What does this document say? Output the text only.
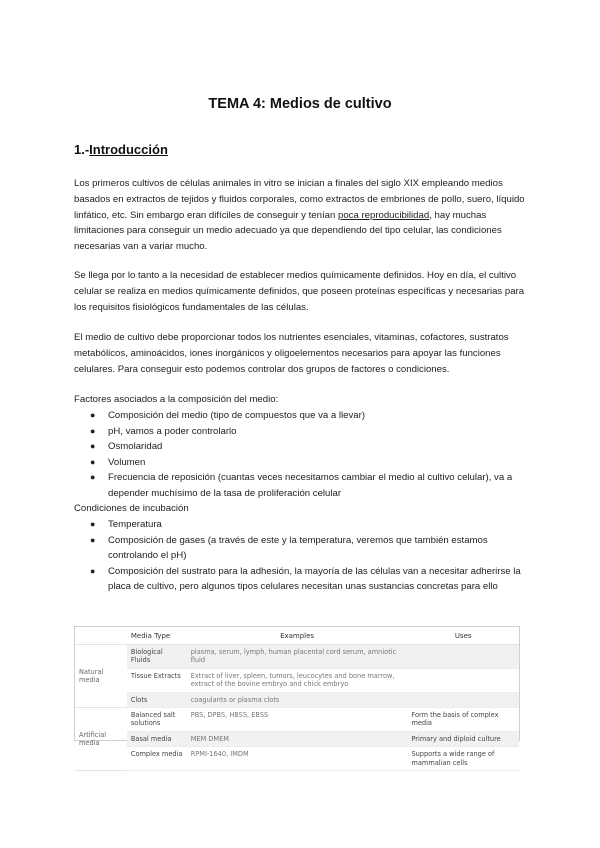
TEMA 4: Medios de cultivo
1.-Introducción

Los primeros cultivos de células animales in vitro se inician a finales del siglo XIX empleando medios basados en extractos de tejidos y fluidos corporales, como extractos de embriones de pollo, suero, líquido linfático, etc. Sin embargo eran difíciles de conseguir y tenían poca reproducibilidad, hay muchas limitaciones para conseguir un medio adecuado ya que dependiendo del tipo celular, las condiciones necesarias van a variar mucho.

Se llega por lo tanto a la necesidad de establecer medios químicamente definidos. Hoy en día, el cultivo celular se realiza en medios químicamente definidos, que poseen proteínas específicas y necesarias para los requisitos fisiológicos fundamentales de las células.

El medio de cultivo debe proporcionar todos los nutrientes esenciales, vitaminas, cofactores, sustratos metabólicos, aminoácidos, iones inorgánicos y oligoelementos necesarios para apoyar las funciones celulares. Para conseguir esto podemos controlar dos grupos de factores o condiciones.

Factores asociados a la composición del medio:
● Composición del medio (tipo de compuestos que va a llevar)
● pH, vamos a poder controlarlo
● Osmolaridad
● Volumen
● Frecuencia de reposición (cuantas veces necesitamos cambiar el medio al cultivo celular), va a depender muchísimo de la tasa de proliferación celular
Condiciones de incubación
● Temperatura
● Composición de gases (a través de este y la temperatura, veremos que también estamos controlando el pH)
● Composición del sustrato para la adhesión, la mayoría de las células van a necesitar adherirse la placa de cultivo, pero algunos tipos celulares necesitan unas sustancias concretas para ello
	Media Type	Examples	Uses
Natural media	Biological Fluids	plasma, serum, lymph, human placental cord serum, amniotic fluid	
	Tissue Extracts	Extract of liver, spleen, tumors, leucocytes and bone marrow, extract of the bovine embryo and chick embryo	
	Clots	coagulants or plasma clots	
Artificial media	Balanced salt solutions	PBS, DPBS, HBSS, EBSS	Form the basis of complex media
	Basal media	MEM DMEM	Primary and diploid culture
	Complex media	RPMI-1640, IMDM	Supports a wide range of mammalian cells
